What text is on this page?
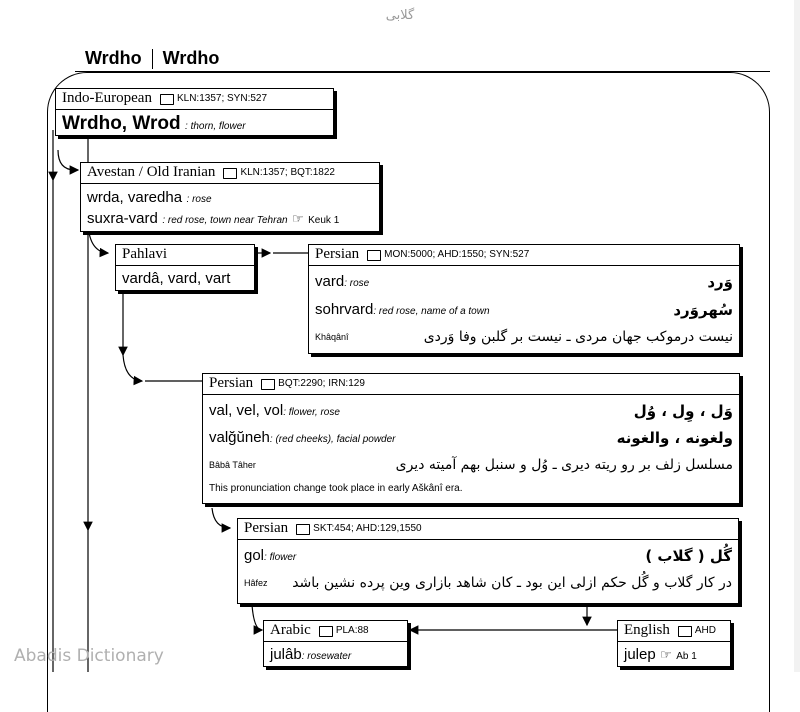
گلابی
Wrdho Wrdho
Indo-European	KLN:1357; SYN:527
Wrdho, Wrod : thorn, flower
Avestan / Old Iranian	KLN:1357; BQT:1822
wrda, varedha : rose
suxra-vard : red rose, town near Tehran ☞ Keuk 1
Pahlavi
vardâ, vard, vart
Persian	MON:5000; AHD:1550; SYN:527
vard: rose	وَرد
sohrvard: red rose, name of a town	سُهروَرد
Khâqânî	نیست درموکب جهان مردی ـ نیست بر گلبن وفا وَردی
Persian	BQT:2290; IRN:129
val, vel, vol: flower, rose	وَل ، وِل ، وُل
valğŭneh: (red cheeks), facial powder	ولغونه ، والغونه
Bâbâ Tâher	مسلسل زلف بر رو ریته دیری ـ وُل و سنبل بهم آمیته دیری
This pronunciation change took place in early Aškânî era.
Persian	SKT:454; AHD:129,1550
gol: flower	گُل ( گلاب )
Hâfez در کار گلاب و گُل حکم ازلی این بود ـ کان شاهد بازاری وین پرده نشین باشد
Arabic	PLA:88
julâb: rosewater
English	AHD
julep ☞ Ab 1
Abadis Dictionary
